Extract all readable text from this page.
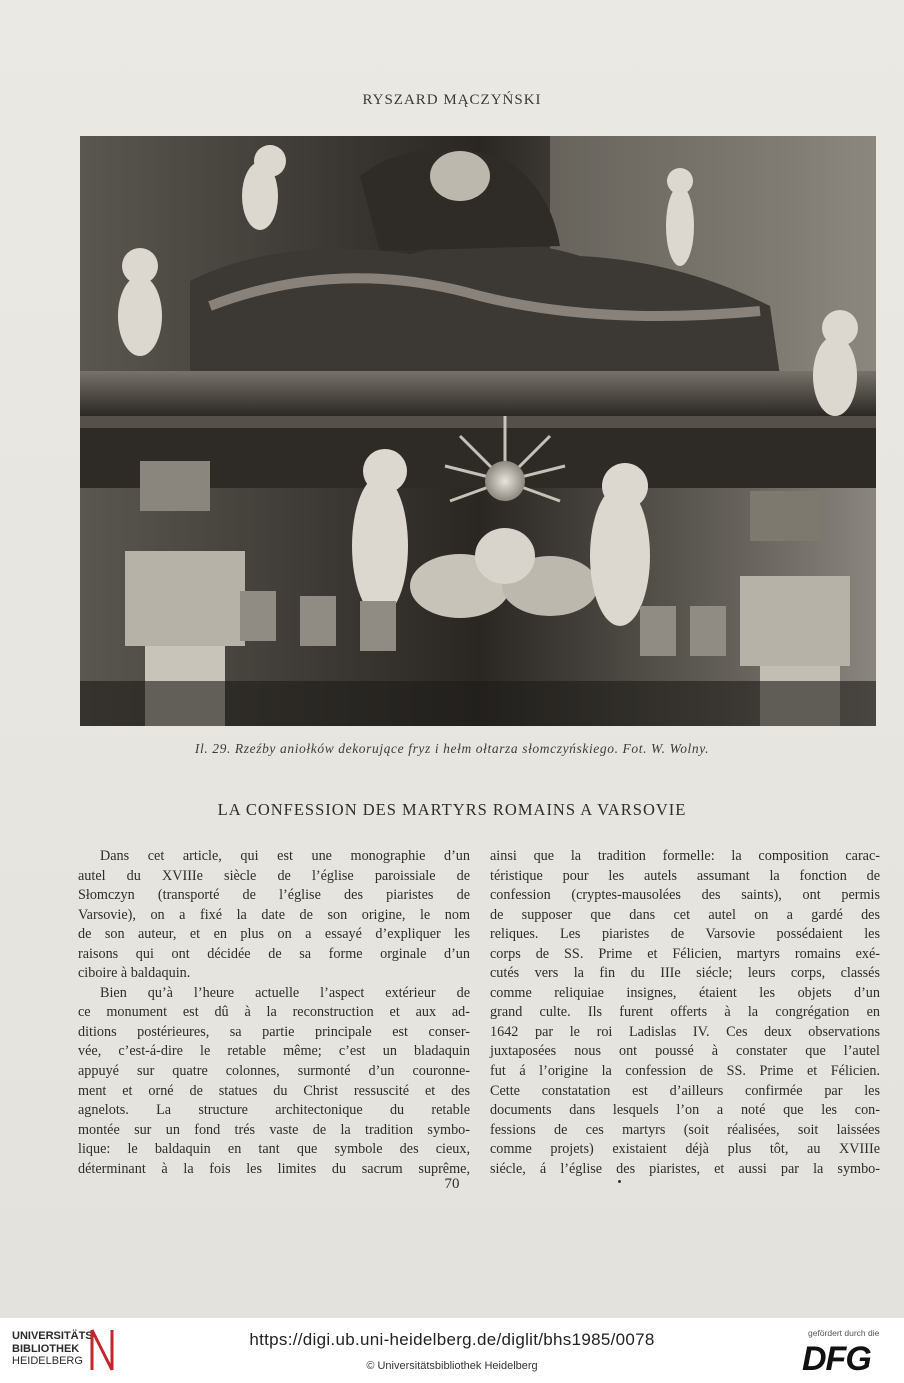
RYSZARD MĄCZYŃSKI
Il. 29. Rzeźby aniołków dekorujące fryz i hełm ołtarza słomczyńskiego. Fot. W. Wolny.
LA CONFESSION DES MARTYRS ROMAINS A VARSOVIE
Dans cet article, qui est une monographie d’un
autel du XVIIIe siècle de l’église paroissiale de
Słomczyn (transporté de l’église des piaristes de
Varsovie), on a fixé la date de son origine, le nom
de son auteur, et en plus on a essayé d’expliquer les
raisons qui ont décidée de sa forme orginale d’un
ciboire à baldaquin.
Bien qu’à l’heure actuelle l’aspect extérieur de
ce monument est dû à la reconstruction et aux ad-
ditions postérieures, sa partie principale est conser-
vée, c’est-á-dire le retable même; c’est un bladaquin
appuyé sur quatre colonnes, surmonté d’un couronne-
ment et orné de statues du Christ ressuscité et des
agnelots. La structure architectonique du retable
montée sur un fond trés vaste de la tradition symbo-
lique: le baldaquin en tant que symbole des cieux,
déterminant à la fois les limites du sacrum suprême,
ainsi que la tradition formelle: la composition carac-
téristique pour les autels assumant la fonction de
confession (cryptes-mausolées des saints), ont permis
de supposer que dans cet autel on a gardé des
reliques. Les piaristes de Varsovie possédaient les
corps de SS. Prime et Félicien, martyrs romains exé-
cutés vers la fin du IIIe siécle; leurs corps, classés
comme reliquiae insignes, étaient les objets d’un
grand culte. Ils furent offerts à la congrégation en
1642 par le roi Ladislas IV. Ces deux observations
juxtaposées nous ont poussé à constater que l’autel
fut á l’origine la confession de SS. Prime et Félicien.
Cette constatation est d’ailleurs confirmée par les
documents dans lesquels l’on a noté que les con-
fessions de ces martyrs (soit réalisées, soit laissées
comme projets) existaient déjà plus tôt, au XVIIIe
siécle, á l’église des piaristes, et aussi par la symbo-
70
UNIVERSITÄTS-
BIBLIOTHEK
HEIDELBERG
https://digi.ub.uni-heidelberg.de/diglit/bhs1985/0078
© Universitätsbibliothek Heidelberg
gefördert durch die
DFG
